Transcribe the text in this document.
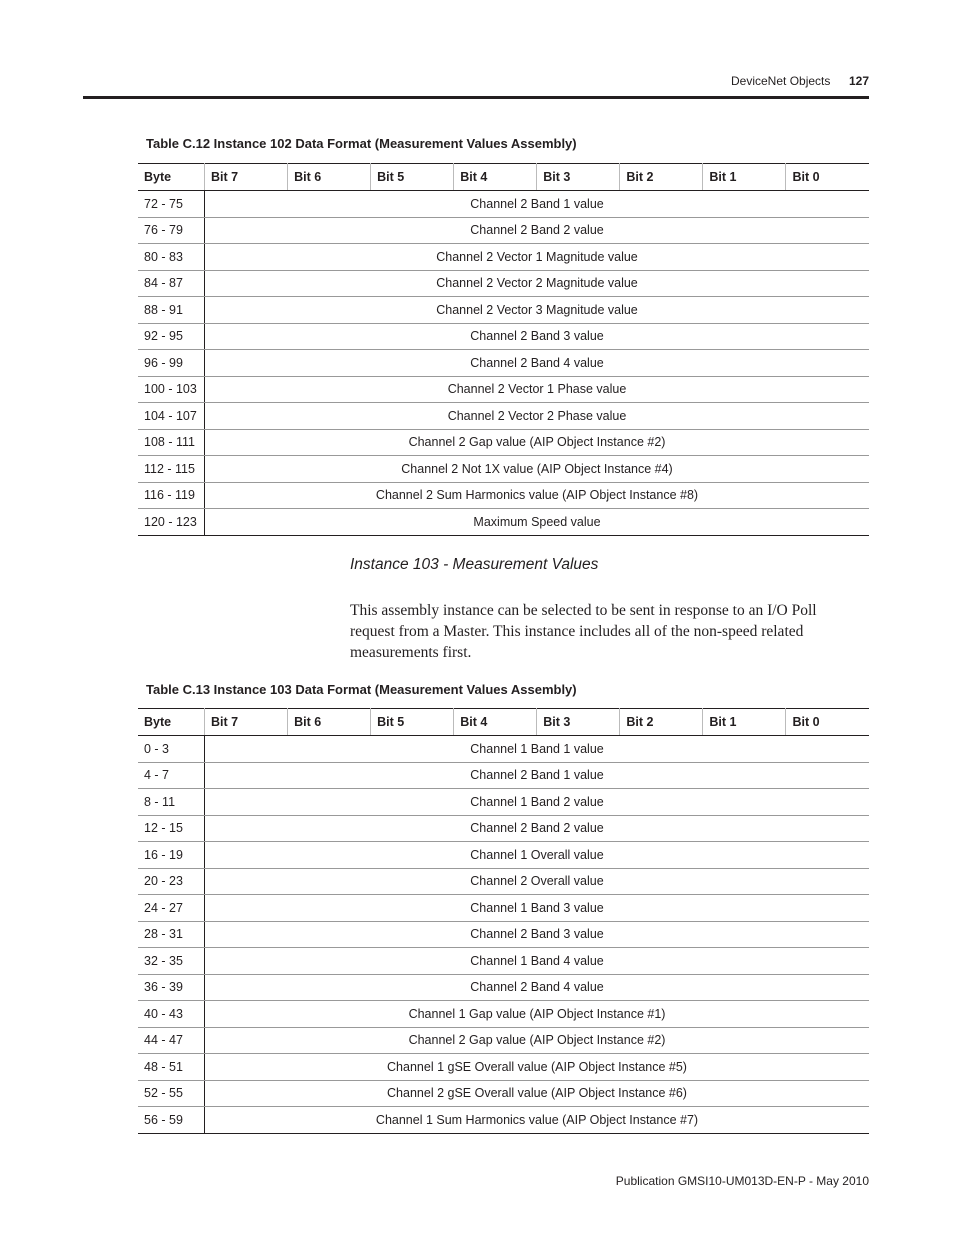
DeviceNet Objects 127
Table C.12 Instance 102 Data Format (Measurement Values Assembly)
Byte	Bit 7	Bit 6	Bit 5	Bit 4	Bit 3	Bit 2	Bit 1	Bit 0
72 - 75	Channel 2 Band 1 value							
76 - 79	Channel 2 Band 2 value							
80 - 83	Channel 2 Vector 1 Magnitude value							
84 - 87	Channel 2 Vector 2 Magnitude value							
88 - 91	Channel 2 Vector 3 Magnitude value							
92 - 95	Channel 2 Band 3 value							
96 - 99	Channel 2 Band 4 value							
100 - 103	Channel 2 Vector 1 Phase value							
104 - 107	Channel 2 Vector 2 Phase value							
108 - 111	Channel 2 Gap value (AIP Object Instance #2)							
112 - 115	Channel 2 Not 1X value (AIP Object Instance #4)							
116 - 119	Channel 2 Sum Harmonics value (AIP Object Instance #8)							
120 - 123	Maximum Speed value							
Instance 103 - Measurement Values
This assembly instance can be selected to be sent in response to an I/O Poll request from a Master. This instance includes all of the non-speed related measurements first.
Table C.13 Instance 103 Data Format (Measurement Values Assembly)
Byte	Bit 7	Bit 6	Bit 5	Bit 4	Bit 3	Bit 2	Bit 1	Bit 0
0 - 3	Channel 1 Band 1 value							
4 - 7	Channel 2 Band 1 value							
8 - 11	Channel 1 Band 2 value							
12 - 15	Channel 2 Band 2 value							
16 - 19	Channel 1 Overall value							
20 - 23	Channel 2 Overall value							
24 - 27	Channel 1 Band 3 value							
28 - 31	Channel 2 Band 3 value							
32 - 35	Channel 1 Band 4 value							
36 - 39	Channel 2 Band 4 value							
40 - 43	Channel 1 Gap value (AIP Object Instance #1)							
44 - 47	Channel 2 Gap value (AIP Object Instance #2)							
48 - 51	Channel 1 gSE Overall value (AIP Object Instance #5)							
52 - 55	Channel 2 gSE Overall value (AIP Object Instance #6)							
56 - 59	Channel 1 Sum Harmonics value (AIP Object Instance #7)							
Publication GMSI10-UM013D-EN-P - May 2010
